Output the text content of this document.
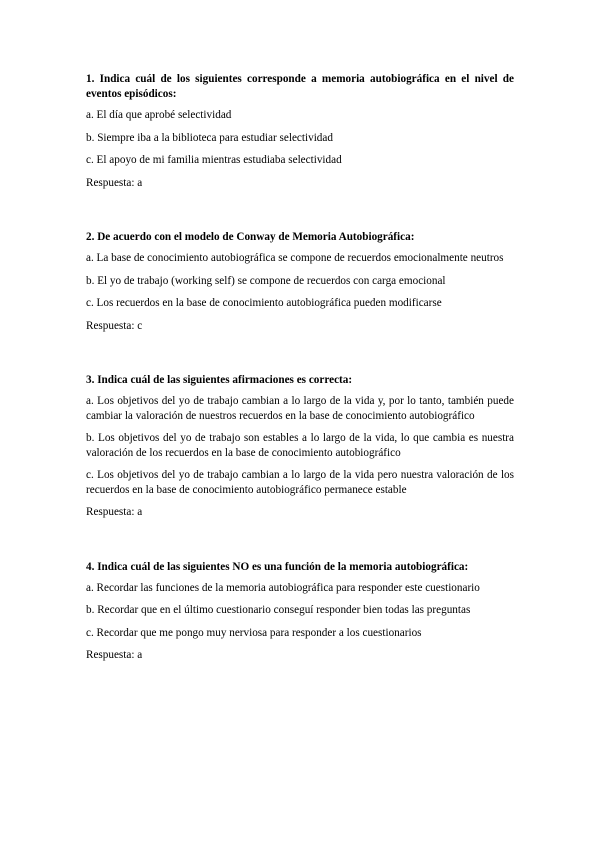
1. Indica cuál de los siguientes corresponde a memoria autobiográfica en el nivel de eventos episódicos:

a. El día que aprobé selectividad

b. Siempre iba a la biblioteca para estudiar selectividad

c. El apoyo de mi familia mientras estudiaba selectividad

Respuesta: a

2. De acuerdo con el modelo de Conway de Memoria Autobiográfica:

a. La base de conocimiento autobiográfica se compone de recuerdos emocionalmente neutros

b. El yo de trabajo (working self) se compone de recuerdos con carga emocional

c. Los recuerdos en la base de conocimiento autobiográfica pueden modificarse

Respuesta: c

3. Indica cuál de las siguientes afirmaciones es correcta:

a. Los objetivos del yo de trabajo cambian a lo largo de la vida y, por lo tanto, también puede cambiar la valoración de nuestros recuerdos en la base de conocimiento autobiográfico

b. Los objetivos del yo de trabajo son estables a lo largo de la vida, lo que cambia es nuestra valoración de los recuerdos en la base de conocimiento autobiográfico

c. Los objetivos del yo de trabajo cambian a lo largo de la vida pero nuestra valoración de los recuerdos en la base de conocimiento autobiográfico permanece estable

Respuesta: a

4. Indica cuál de las siguientes NO es una función de la memoria autobiográfica:

a. Recordar las funciones de la memoria autobiográfica para responder este cuestionario

b. Recordar que en el último cuestionario conseguí responder bien todas las preguntas

c. Recordar que me pongo muy nerviosa para responder a los cuestionarios

Respuesta: a
